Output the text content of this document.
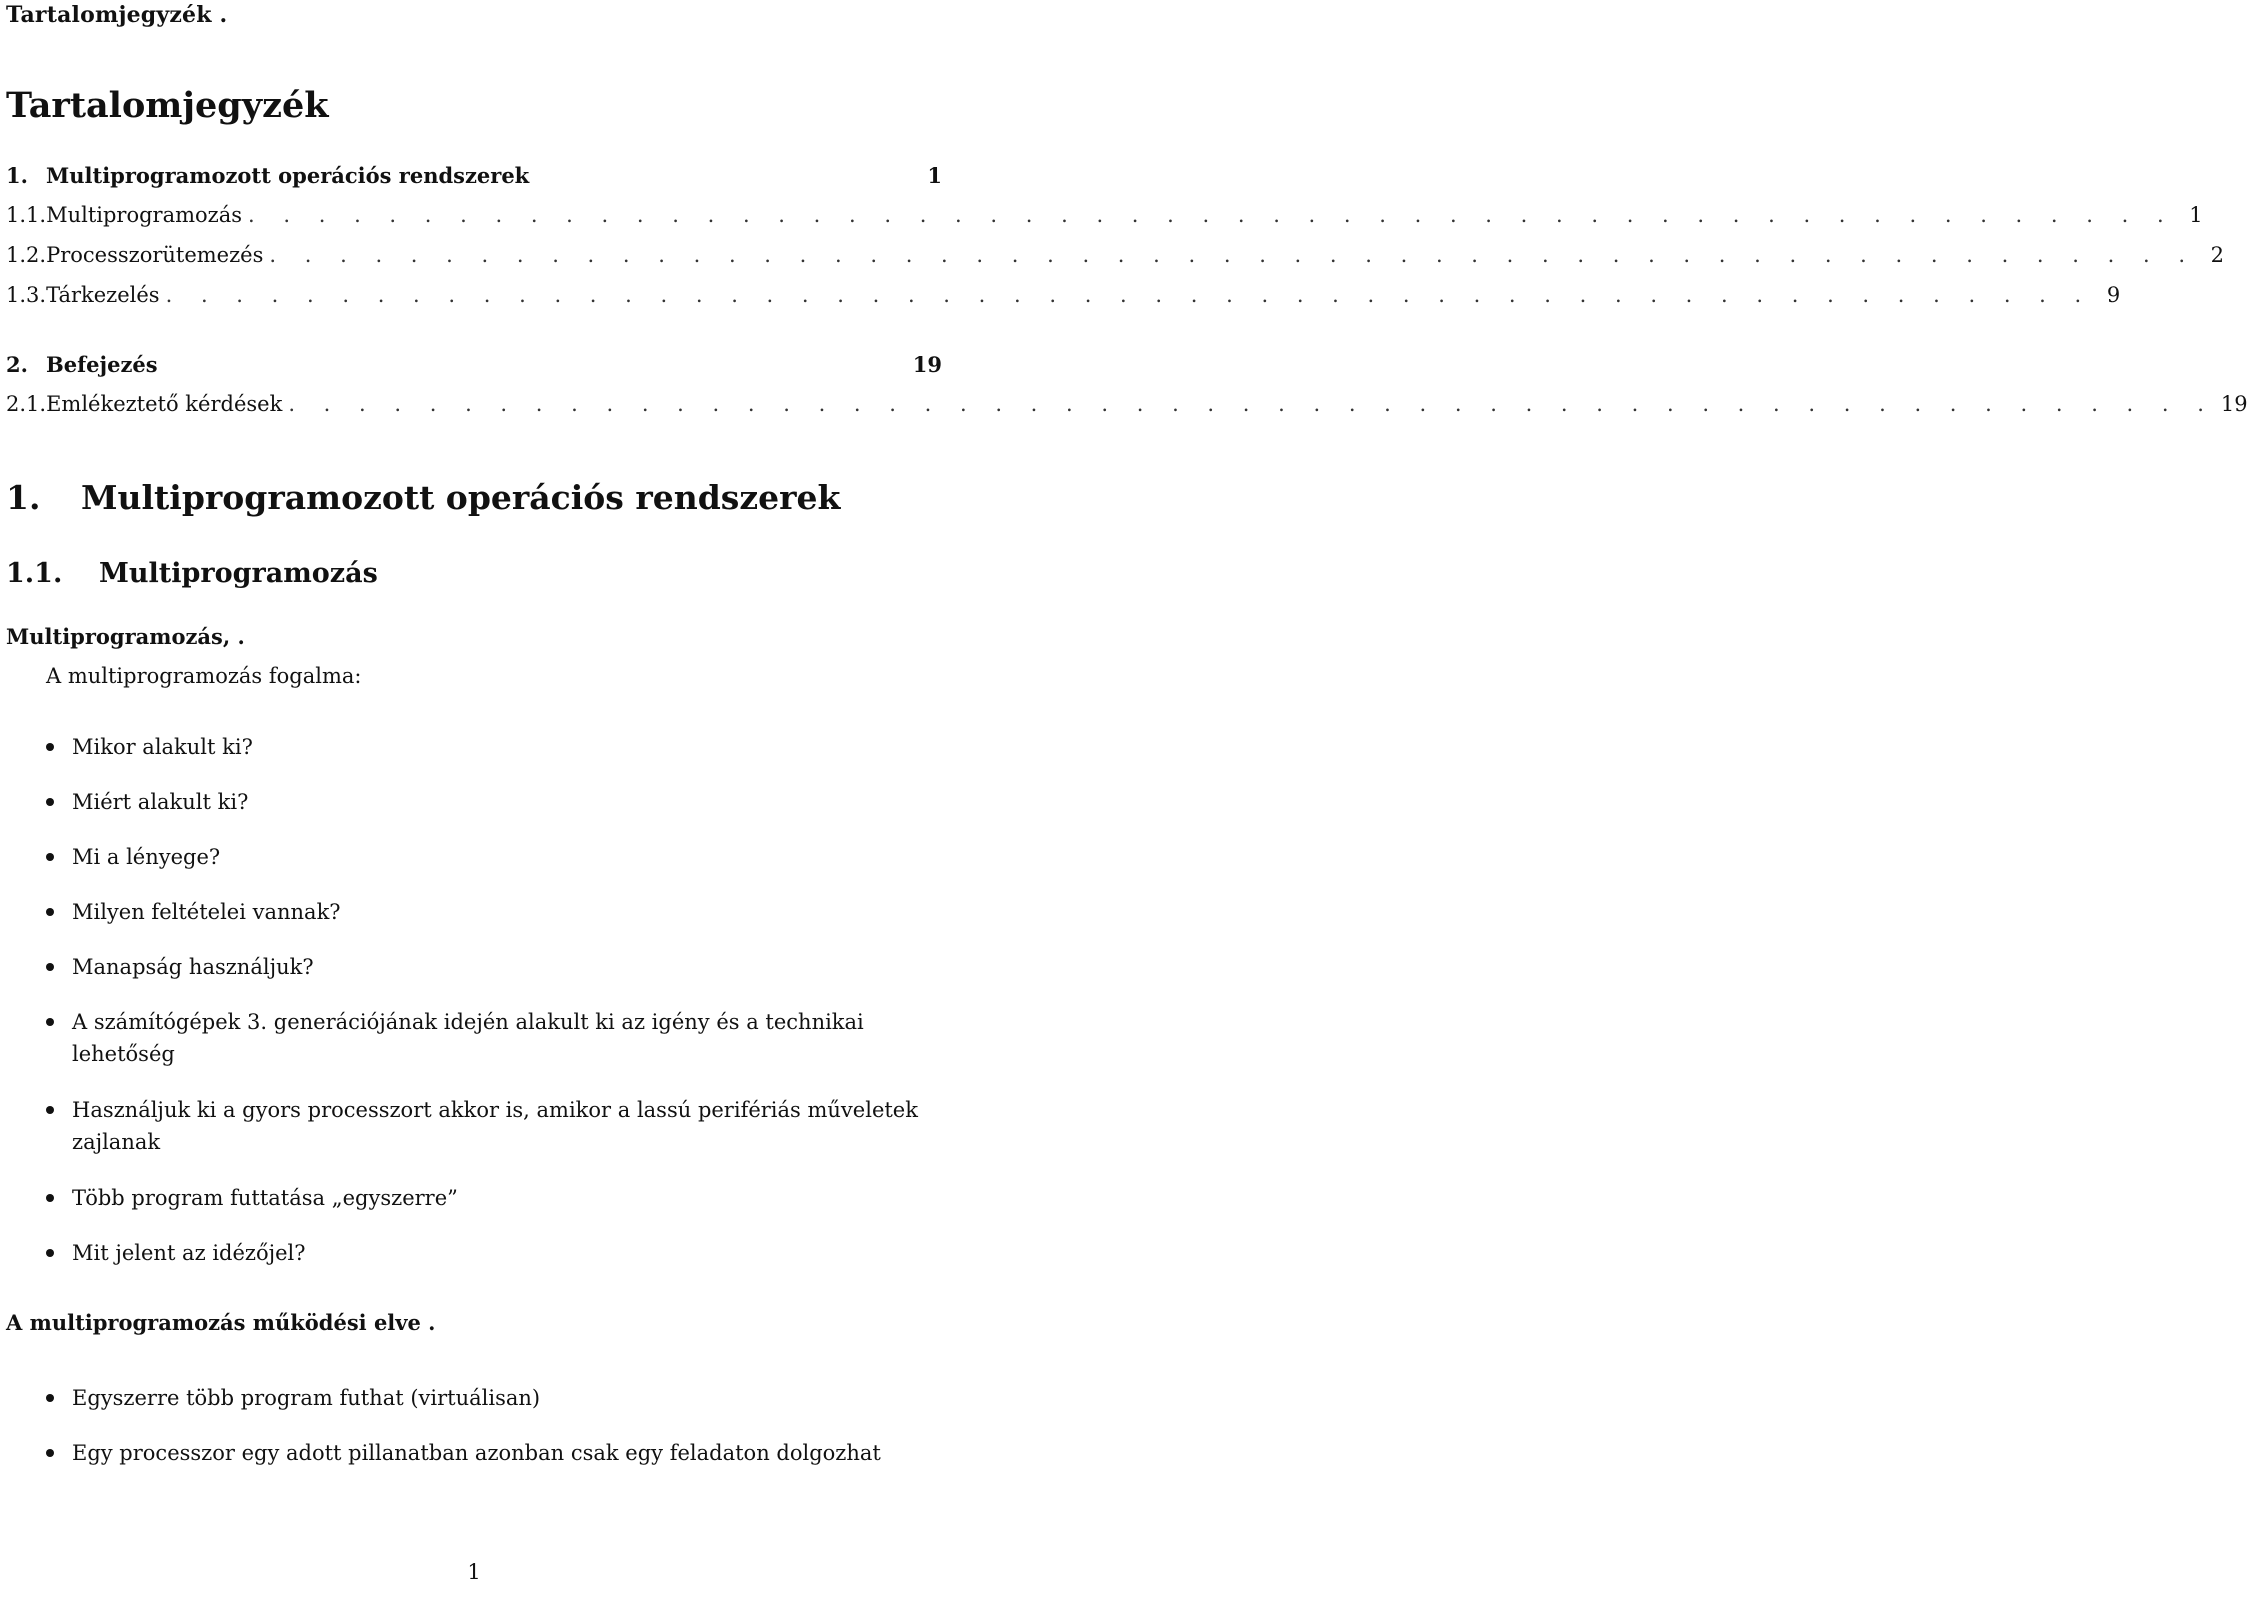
Tartalomjegyzék .
Tartalomjegyzék
1. Multiprogramozott operációs rendszerek	1
1.1. Multiprogramozás . . . . . . . . . . . . . . . . . . . . . . . . . . . . . . . . . . . . . . . . . . . . . . . . . . . . . . . 1
1.2. Processzorütemezés . . . . . . . . . . . . . . . . . . . . . . . . . . . . . . . . . . . . . . . . . . . . . . . . . . . . . . . 2
1.3. Tárkezelés . . . . . . . . . . . . . . . . . . . . . . . . . . . . . . . . . . . . . . . . . . . . . . . . . . . . . . . 9
2. Befejezés	19
2.1. Emlékeztető kérdések . . . . . . . . . . . . . . . . . . . . . . . . . . . . . . . . . . . . . . . . . . . . . . . . . . . . . . . 19
1. Multiprogramozott operációs rendszerek
1.1. Multiprogramozás
Multiprogramozás, .
A multiprogramozás fogalma:
Mikor alakult ki?
Miért alakult ki?
Mi a lényege?
Milyen feltételei vannak?
Manapság használjuk?
A számítógépek 3. generációjának idején alakult ki az igény és a technikai lehetőség
Használjuk ki a gyors processzort akkor is, amikor a lassú perifériás műveletek zajlanak
Több program futtatása „egyszerre”
Mit jelent az idézőjel?
A multiprogramozás működési elve .
Egyszerre több program futhat (virtuálisan)
Egy processzor egy adott pillanatban azonban csak egy feladaton dolgozhat
1
